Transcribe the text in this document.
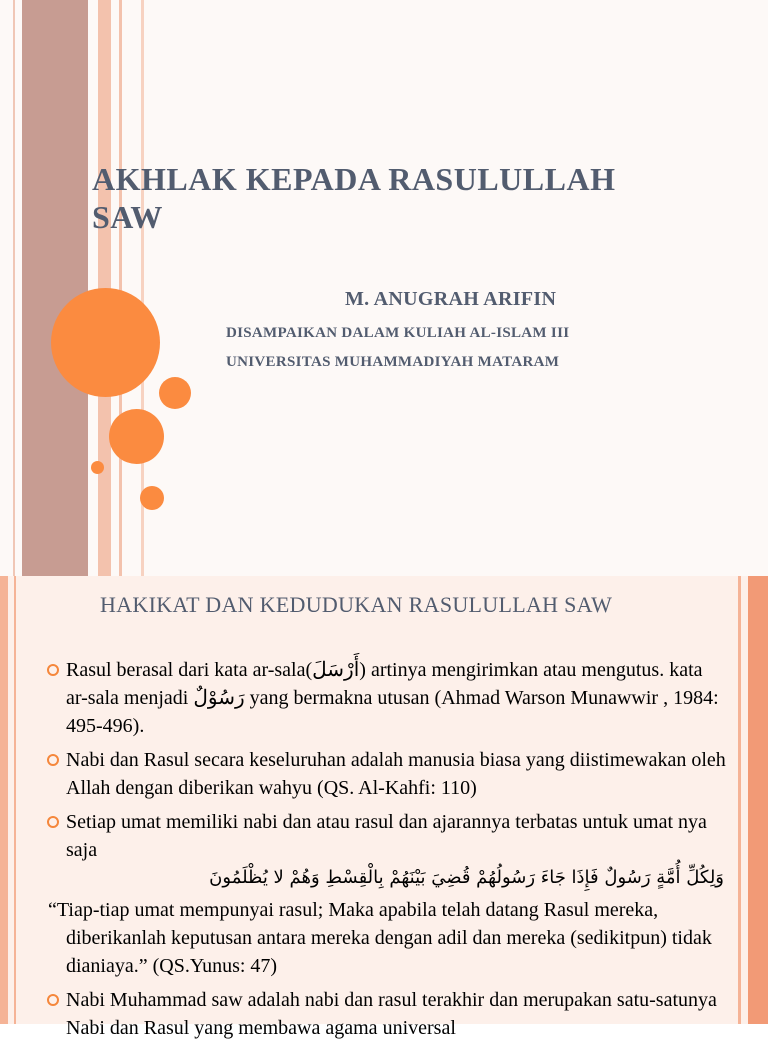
AKHLAK KEPADA RASULULLAH SAW
M. ANUGRAH ARIFIN
DISAMPAIKAN DALAM KULIAH AL-ISLAM III
UNIVERSITAS MUHAMMADIYAH MATARAM
HAKIKAT DAN KEDUDUKAN RASULULLAH SAW
Rasul berasal dari kata ar-sala(أَرْسَلَ) artinya mengirimkan atau mengutus. kata ar-sala menjadi رَسُوْلٌ yang bermakna utusan (Ahmad Warson Munawwir , 1984: 495-496).
Nabi dan Rasul secara keseluruhan adalah manusia biasa yang diistimewakan oleh Allah dengan diberikan wahyu (QS. Al-Kahfi: 110)
Setiap umat memiliki nabi dan atau rasul dan ajarannya terbatas untuk umat nya saja
وَلِكُلِّ أُمَّةٍ رَسُولٌ فَإِذَا جَاءَ رَسُولُهُمْ قُضِيَ بَيْنَهُمْ بِالْقِسْطِ وَهُمْ لا يُظْلَمُونَ
“Tiap-tiap umat mempunyai rasul; Maka apabila telah datang Rasul mereka, diberikanlah keputusan antara mereka dengan adil dan mereka (sedikitpun) tidak dianiaya.” (QS.Yunus: 47)
Nabi Muhammad saw adalah nabi dan rasul terakhir dan merupakan satu-satunya Nabi dan Rasul yang membawa agama universal
